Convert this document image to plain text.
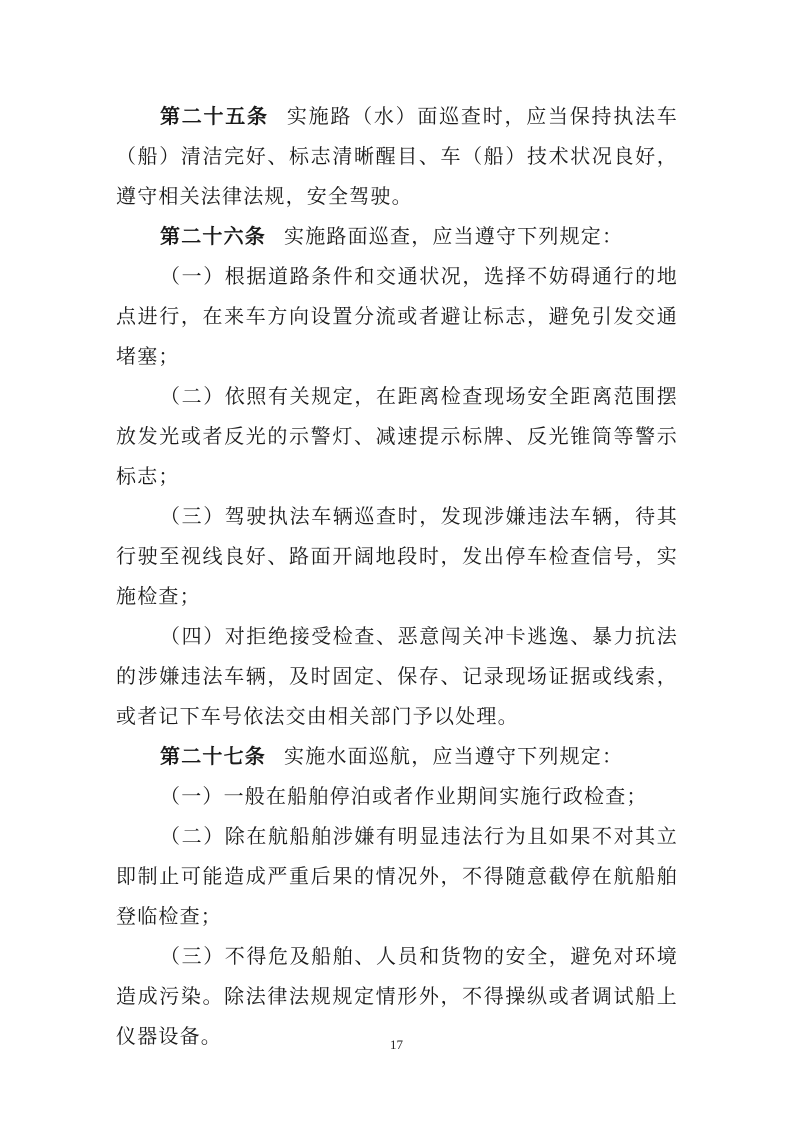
第二十五条 实施路（水）面巡查时，应当保持执法车（船）清洁完好、标志清晰醒目、车（船）技术状况良好，遵守相关法律法规，安全驾驶。

第二十六条 实施路面巡查，应当遵守下列规定：

（一）根据道路条件和交通状况，选择不妨碍通行的地点进行，在来车方向设置分流或者避让标志，避免引发交通堵塞；

（二）依照有关规定，在距离检查现场安全距离范围摆放发光或者反光的示警灯、减速提示标牌、反光锥筒等警示标志；

（三）驾驶执法车辆巡查时，发现涉嫌违法车辆，待其行驶至视线良好、路面开阔地段时，发出停车检查信号，实施检查；

（四）对拒绝接受检查、恶意闯关冲卡逃逸、暴力抗法的涉嫌违法车辆，及时固定、保存、记录现场证据或线索，或者记下车号依法交由相关部门予以处理。

第二十七条 实施水面巡航，应当遵守下列规定：

（一）一般在船舶停泊或者作业期间实施行政检查；

（二）除在航船舶涉嫌有明显违法行为且如果不对其立即制止可能造成严重后果的情况外，不得随意截停在航船舶登临检查；

（三）不得危及船舶、人员和货物的安全，避免对环境造成污染。除法律法规规定情形外，不得操纵或者调试船上仪器设备。	17
